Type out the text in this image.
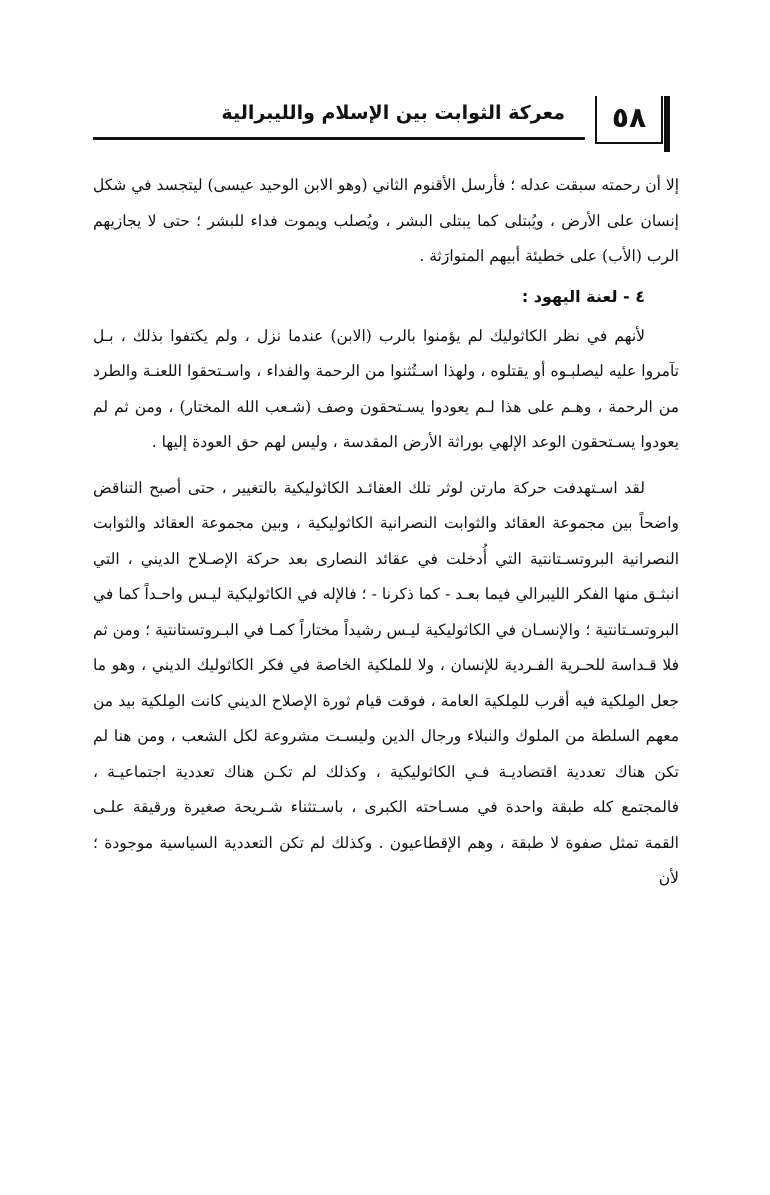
معركة الثوابت بين الإسلام والليبرالية	٥٨

إلا أن رحمته سبقت عدله ؛ فأرسل الأقنوم الثاني (وهو الابن الوحيد عيسى) ليتجسد في شكل إنسان على الأرض ، ويُبتلى كما يبتلى البشر ، ويُصلب ويموت فداء للبشر ؛ حتى لا يجازيهم الرب (الأب) على خطيئة أبيهم المتوارَثة .

٤ - لعنة اليهود :

لأنهم في نظر الكاثوليك لم يؤمنوا بالرب (الابن) عندما نزل ، ولم يكتفوا بذلك ، بـل تآمروا عليه ليصلبـوه أو يقتلوه ، ولهذا اسـتُثنوا من الرحمة والفداء ، واسـتحقوا اللعنـة والطرد من الرحمة ، وهـم على هذا لـم يعودوا يسـتحقون وصف (شـعب الله المختار) ، ومن ثم لم يعودوا يسـتحقون الوعد الإلهي بوراثة الأرض المقدسة ، وليس لهم حق العودة إليها .

لقد اسـتهدفت حركة مارتن لوثر تلك العقائـد الكاثوليكية بالتغيير ، حتى أصبح التناقض واضحاً بين مجموعة العقائد والثوابت النصرانية الكاثوليكية ، وبين مجموعة العقائد والثوابت النصرانية البروتسـتانتية التي أُدخلت في عقائد النصارى بعد حركة الإصـلاح الديني ، التي انبثـق منها الفكر الليبرالي فيما بعـد - كما ذكرنا - ؛ فالإله في الكاثوليكية ليـس واحـداً كما في البروتسـتانتية ؛ والإنسـان في الكاثوليكية ليـس رشيداً مختاراً كمـا في البـروتستانتية ؛ ومن ثم فلا قـداسة للحـرية الفـردية للإنسان ، ولا للملكية الخاصة في فكر الكاثوليك الديني ، وهو ما جعل المِلكية فيه أقرب للمِلكية العامة ، فوقت قيام ثورة الإصلاح الديني كانت المِلكية بيد من معهم السلطة من الملوك والنبلاء ورجال الدين وليسـت مشروعة لكل الشعب ، ومن هنا لم تكن هناك تعددية اقتصاديـة فـي الكاثوليكية ، وكذلك لم تكـن هناك تعددية اجتماعيـة ، فالمجتمع كله طبقة واحدة في مسـاحته الكبرى ، باسـتثناء شـريحة صغيرة ورقيقة علـى القمة تمثل صفوة لا طبقة ، وهم الإقطاعيون . وكذلك لم تكن التعددية السياسية موجودة ؛ لأن
